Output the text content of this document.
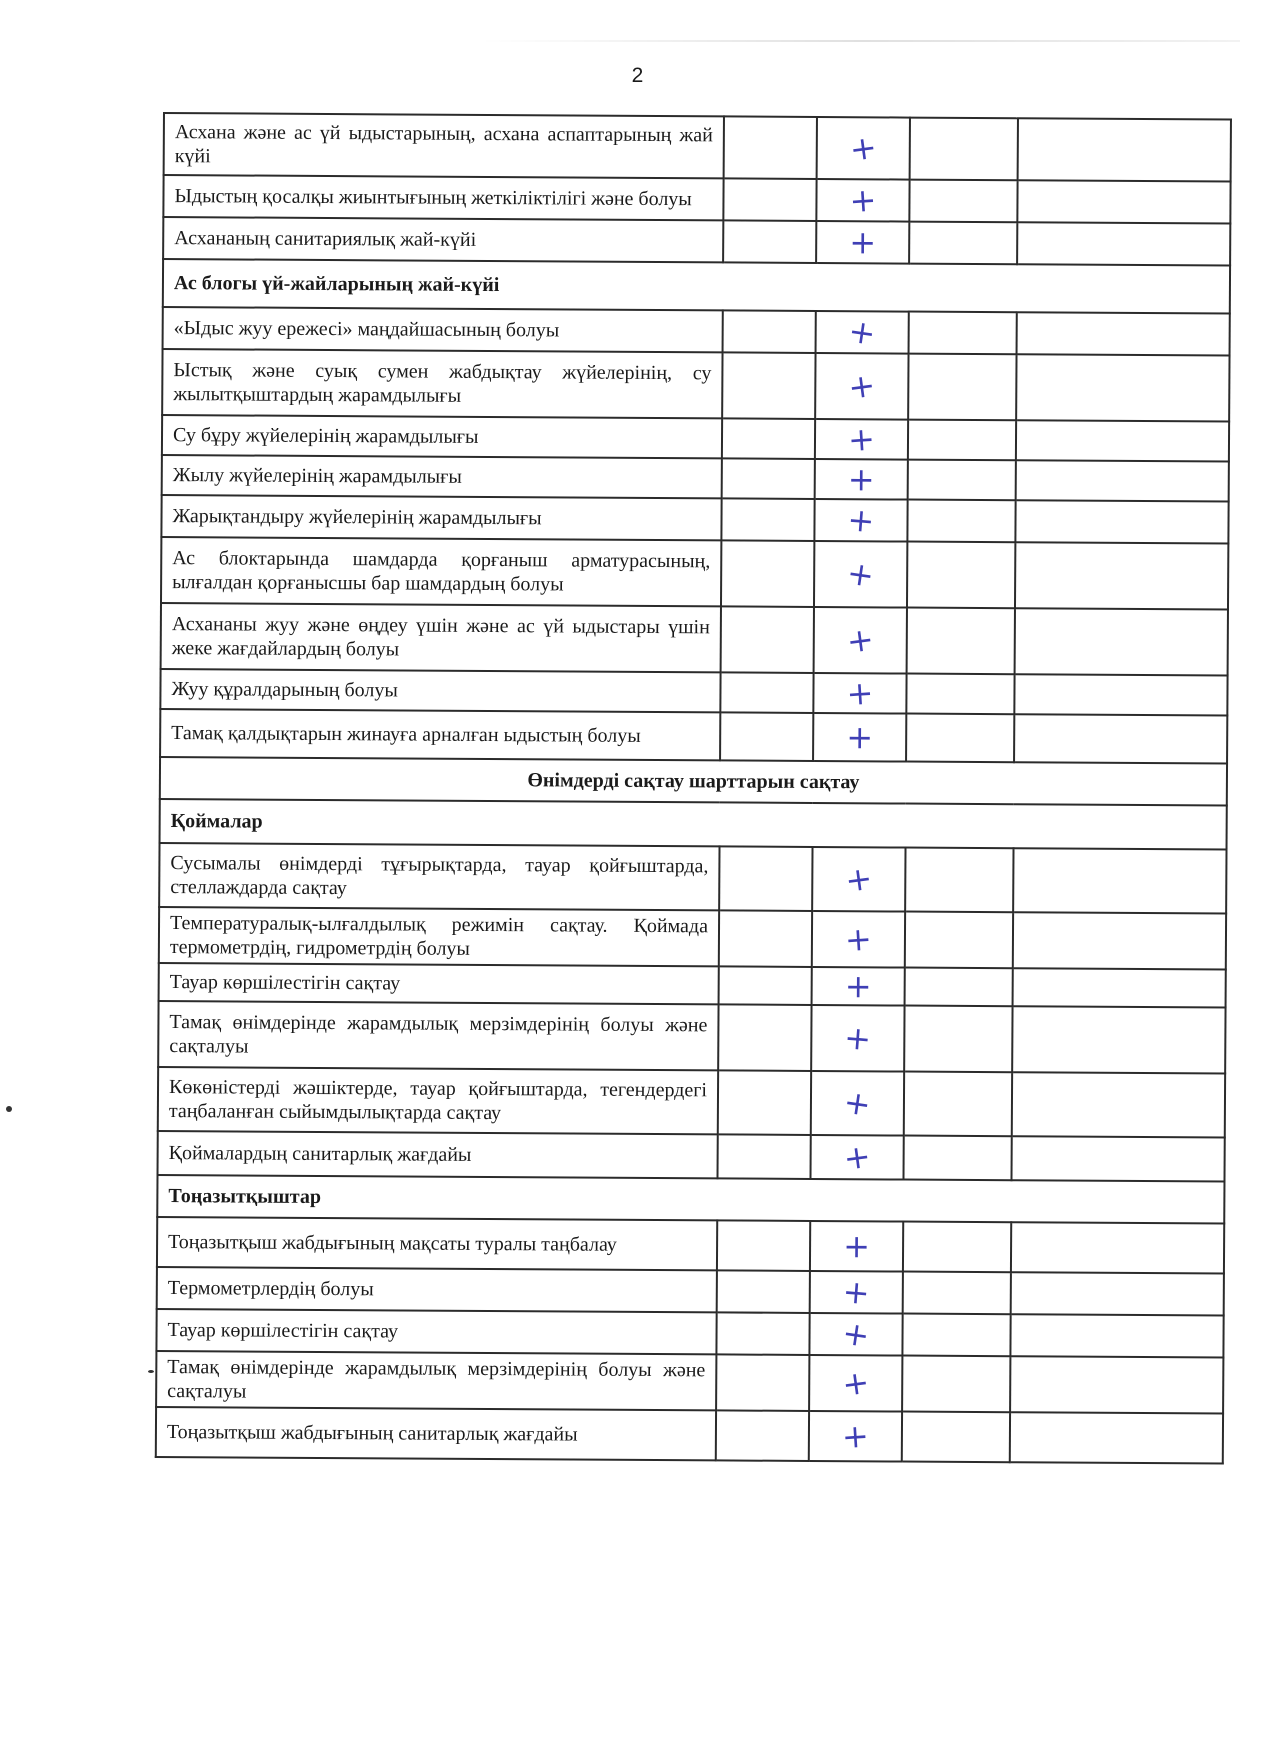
2
Асхана және ас үй ыдыстарының, асхана аспаптарының жай күйі		+		
Ыдыстың қосалқы жиынтығының жеткіліктілігі және болуы		+		
Асхананың санитариялық жай-күйі		+		
Ас блогы үй-жайларының жай-күйі				
«Ыдыс жуу ережесі» маңдайшасының болуы		+		
Ыстық және суық сумен жабдықтау жүйелерінің, су жылытқыштардың жарамдылығы		+		
Су бұру жүйелерінің жарамдылығы		+		
Жылу жүйелерінің жарамдылығы		+		
Жарықтандыру жүйелерінің жарамдылығы		+		
Ас блоктарында шамдарда қорғаныш арматурасының, ылғалдан қорғанысшы бар шамдардың болуы		+		
Асхананы жуу және өңдеу үшін және ас үй ыдыстары үшін жеке жағдайлардың болуы		+		
Жуу құралдарының болуы		+		
Тамақ қалдықтарын жинауға арналған ыдыстың болуы		+		
Өнімдерді сақтау шарттарын сақтау				
Қоймалар				
Сусымалы өнімдерді тұғырықтарда, тауар қойғыштарда, стеллаждарда сақтау		+		
Температуралық-ылғалдылық режимін сақтау. Қоймада термометрдің, гидрометрдің болуы		+		
Тауар көршілестігін сақтау		+		
Тамақ өнімдерінде жарамдылық мерзімдерінің болуы және сақталуы		+		
Көкөністерді жәшіктерде, тауар қойғыштарда, тегендердегі таңбаланған сыйымдылықтарда сақтау		+		
Қоймалардың санитарлық жағдайы		+		
Тоңазытқыштар				
Тоңазытқыш жабдығының мақсаты туралы таңбалау		+		
Термометрлердің болуы		+		
Тауар көршілестігін сақтау		+		
Тамақ өнімдерінде жарамдылық мерзімдерінің болуы және сақталуы		+		
Тоңазытқыш жабдығының санитарлық жағдайы		+		
